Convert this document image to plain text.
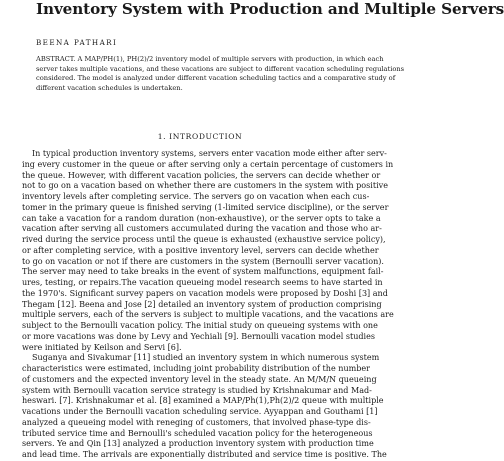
Inventory System with Production and Multiple Servers
BEENA PATHARI

ABSTRACT. A MAP/PH(1), PH(2)/2 inventory model of multiple servers with production, in which each
server takes multiple vacations, and these vacations are subject to different vacation scheduling regulations
considered. The model is analyzed under different vacation scheduling tactics and a comparative study of
different vacation schedules is undertaken.

1. INTRODUCTION

In typical production inventory systems, servers enter vacation mode either after serv-
ing every customer in the queue or after serving only a certain percentage of customers in
the queue. However, with different vacation policies, the servers can decide whether or
not to go on a vacation based on whether there are customers in the system with positive
inventory levels after completing service. The servers go on vacation when each cus-
tomer in the primary queue is finished serving (1-limited service discipline), or the server
can take a vacation for a random duration (non-exhaustive), or the server opts to take a
vacation after serving all customers accumulated during the vacation and those who ar-
rived during the service process until the queue is exhausted (exhaustive service policy),
or after completing service, with a positive inventory level, servers can decide whether
to go on vacation or not if there are customers in the system (Bernoulli server vacation).
The server may need to take breaks in the event of system malfunctions, equipment fail-
ures, testing, or repairs.The vacation queueing model research seems to have started in
the 1970's. Significant survey papers on vacation models were proposed by Doshi [3] and
Thegam [12]. Beena and Jose [2] detailed an inventory system of production comprising
multiple servers, each of the servers is subject to multiple vacations, and the vacations are
subject to the Bernoulli vacation policy. The initial study on queueing systems with one
or more vacations was done by Levy and Yechiali [9]. Bernoulli vacation model studies
were initiated by Keilson and Servi [6].
Suganya and Sivakumar [11] studied an inventory system in which numerous system
characteristics were estimated, including joint probability distribution of the number
of customers and the expected inventory level in the steady state. An M/M/N queueing
system with Bernoulli vacation service strategy is studied by Krishnakumar and Mad-
heswari. [7]. Krishnakumar et al. [8] examined a MAP/Ph(1),Ph(2)/2 queue with multiple
vacations under the Bernoulli vacation scheduling service. Ayyappan and Gouthami [1]
analyzed a queueing model with reneging of customers, that involved phase-type dis-
tributed service time and Bernoulli's scheduled vacation policy for the heterogeneous
servers. Ye and Qin [13] analyzed a production inventory system with production time
and lead time. The arrivals are exponentially distributed and service time is positive. The
